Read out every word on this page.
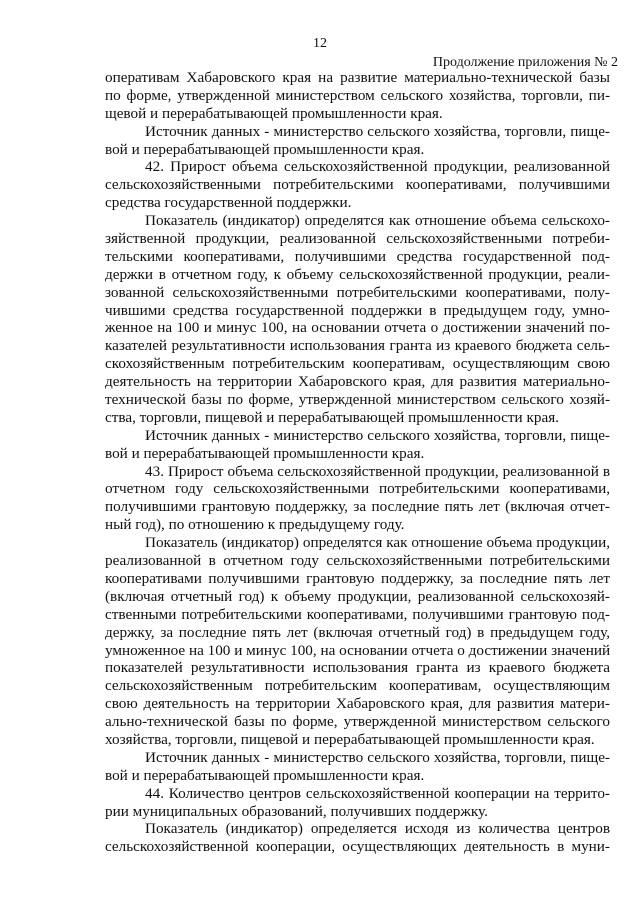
12
Продолжение приложения № 2
оперативам Хабаровского края на развитие материально-технической базы
по форме, утвержденной министерством сельского хозяйства, торговли, пи-
щевой и перерабатывающей промышленности края.
Источник данных - министерство сельского хозяйства, торговли, пище-
вой и перерабатывающей промышленности края.
42. Прирост объема сельскохозяйственной продукции, реализованной
сельскохозяйственными потребительскими кооперативами, получившими
средства государственной поддержки.
Показатель (индикатор) определятся как отношение объема сельскохо-
зяйственной продукции, реализованной сельскохозяйственными потреби-
тельскими кооперативами, получившими средства государственной под-
держки в отчетном году, к объему сельскохозяйственной продукции, реали-
зованной сельскохозяйственными потребительскими кооперативами, полу-
чившими средства государственной поддержки в предыдущем году, умно-
женное на 100 и минус 100, на основании отчета о достижении значений по-
казателей результативности использования гранта из краевого бюджета сель-
скохозяйственным потребительским кооперативам, осуществляющим свою
деятельность на территории Хабаровского края, для развития материально-
технической базы по форме, утвержденной министерством сельского хозяй-
ства, торговли, пищевой и перерабатывающей промышленности края.
Источник данных - министерство сельского хозяйства, торговли, пище-
вой и перерабатывающей промышленности края.
43. Прирост объема сельскохозяйственной продукции, реализованной в
отчетном году сельскохозяйственными потребительскими кооперативами,
получившими грантовую поддержку, за последние пять лет (включая отчет-
ный год), по отношению к предыдущему году.
Показатель (индикатор) определятся как отношение объема продукции,
реализованной в отчетном году сельскохозяйственными потребительскими
кооперативами получившими грантовую поддержку, за последние пять лет
(включая отчетный год) к объему продукции, реализованной сельскохозяй-
ственными потребительскими кооперативами, получившими грантовую под-
держку, за последние пять лет (включая отчетный год) в предыдущем году,
умноженное на 100 и минус 100, на основании отчета о достижении значений
показателей результативности использования гранта из краевого бюджета
сельскохозяйственным потребительским кооперативам, осуществляющим
свою деятельность на территории Хабаровского края, для развития матери-
ально-технической базы по форме, утвержденной министерством сельского
хозяйства, торговли, пищевой и перерабатывающей промышленности края.
Источник данных - министерство сельского хозяйства, торговли, пище-
вой и перерабатывающей промышленности края.
44. Количество центров сельскохозяйственной кооперации на террито-
рии муниципальных образований, получивших поддержку.
Показатель (индикатор) определяется исходя из количества центров
сельскохозяйственной кооперации, осуществляющих деятельность в муни-
